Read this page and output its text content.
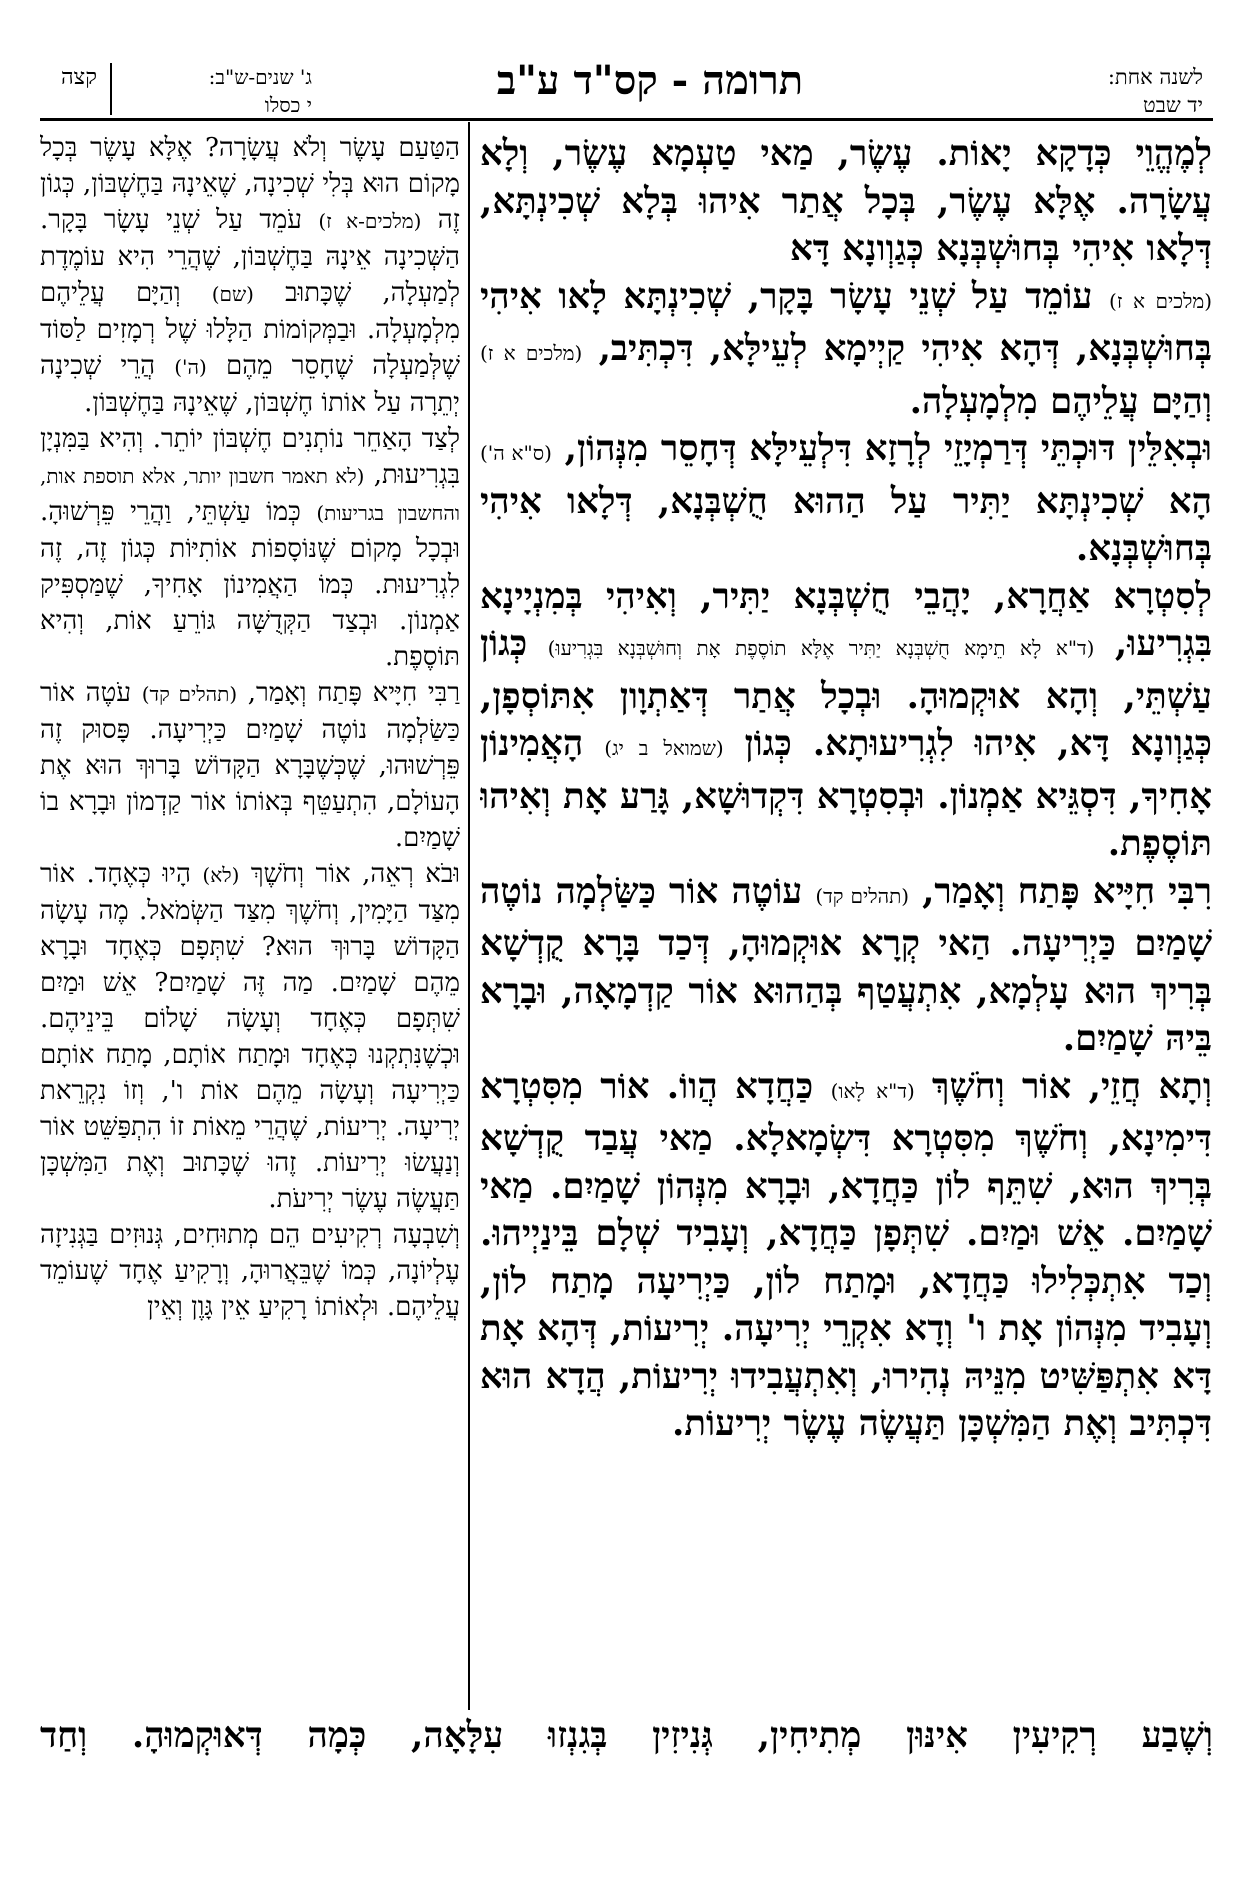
לשנה אחת:
יד שבט
תרומה - קס"ד ע"ב
ג' שנים-ש"ב:
י כסלו
קצה

לְמֶהֱוֵי כְּדָקָא יָאוֹת. עֶשֶׂר, מַאי טַעְמָא עֶשֶׂר, וְלָא עֲשָׂרָה. אֶלָּא עֶשֶׂר, בְּכָל אֲתַר אִיהוּ בְּלָא שְׁכִינְתָּא, דְּלָאו אִיהִי בְּחוּשְׁבְּנָא כְּגַוְונָא דָּא

(מלכים א ז) עוֹמֵד עַל שְׁנֵי עָשָׂר בָּקָר, שְׁכִינְתָּא לָאו אִיהִי בְּחוּשְׁבְּנָא, דְּהָא אִיהִי קַיְימָא לְעֵילָּא, דִּכְתִּיב, (מלכים א ז) וְהַיָּם עֲלֵיהֶם מִלְמָעְלָה.

וּבְאִלֵּין דּוּכְתֵּי דְּרַמְיָזֵי לְרָזָא דִּלְעֵילָּא דְּחָסֵר מִנְּהוֹן, (ס"א ה') הָא שְׁכִינְתָּא יַתִּיר עַל הַהוּא חֻשְׁבְּנָא, דְּלָאו אִיהִי בְּחוּשְׁבְּנָא.

לְסִטְרָא אַחֲרָא, יָהֲבֵי חֻשְׁבְּנָא יַתִּיר, וְאִיהִי בְּמִנְיָינָא בִּגְרִיעוּ, (ד"א לָא תֵימָא חֻשְׁבְּנָא יַתִּיר אֶלָּא תוֹסֶפֶת אָת וְחוּשְׁבְּנָא בִּגְרִיעוּ) כְּגוֹן עַשְׁתֵּי, וְהָא אוּקְמוּהָ. וּבְכָל אֲתַר דְּאַתְוָון אִתּוֹסְפָן, כְּגַוְונָא דָּא, אִיהוּ לִגְרִיעוּתָא. כְּגוֹן (שמואל ב יג) הָאֲמִינוֹן אָחִיךָ, דִּסְגֵּיא אַמְנוֹן. וּבְסִטְרָא דִּקְדוּשָׁא, גָּרַע אָת וְאִיהוּ תּוֹסֶפֶת.

רִבִּי חִיָּיא פָּתַח וְאָמַר, (תהלים קד) עוֹטֶה אוֹר כַּשַּׂלְמָה נוֹטֶה שָׁמַיִם כַּיְרִיעָה. הַאי קְרָא אוּקְמוּהָ, דְּכַד בָּרָא קֻדְשָׁא בְּרִיךְ הוּא עָלְמָא, אִתְעֲטַף בְּהַהוּא אוֹר קַדְמָאָה, וּבָרָא בֵּיהּ שָׁמַיִם.

וְתָא חֲזֵי, אוֹר וְחֹשֶׁךְ (ד"א לָאו) כַּחֲדָא הֲווֹ. אוֹר מִסִּטְרָא דִּימִינָא, וְחֹשֶׁךְ מִסִּטְרָא דִּשְׂמָאלָא. מַאי עֲבַד קֻדְשָׁא בְּרִיךְ הוּא, שִׁתֵּף לוֹן כַּחֲדָא, וּבָרָא מִנְּהוֹן שָׁמַיִם. מַאי שָׁמַיִם. אֵשׁ וּמַיִם. שִׁתְּפָן כַּחֲדָא, וְעָבִיד שְׁלָם בֵּינַיְיהוּ. וְכַד אִתְכְּלִילוּ כַּחֲדָא, וּמָתַח לוֹן, כַּיְרִיעָה מָתַח לוֹן, וְעָבִיד מִנְּהוֹן אָת ו' וְדָא אִקְרֵי יְרִיעָה. יְרִיעוֹת, דְּהָא אָת דָּא אִתְפַּשִּׁיט מִנֵּיהּ נְהִירוּ, וְאִתְעֲבִידוּ יְרִיעוֹת, הֲדָא הוּא דִּכְתִּיב וְאֶת הַמִּשְׁכָּן תַּעֲשֶׂה עֶשֶׂר יְרִיעוֹת.

הַטַּעַם עָשֶׂר וְלֹא עֲשָׂרָה? אֶלָּא עָשֶׂר בְּכָל מָקוֹם הוּא בְּלִי שְׁכִינָה, שֶׁאֵינָהּ בַּחֶשְׁבּוֹן, כְּגוֹן זֶה (מלכים-א ז) עֹמֵד עַל שְׁנֵי עָשָׂר בָּקָר. הַשְּׁכִינָה אֵינָהּ בַּחֶשְׁבּוֹן, שֶׁהֲרֵי הִיא עוֹמֶדֶת לְמַעְלָה, שֶׁכָּתוּב (שם) וְהַיָּם עֲלֵיהֶם מִלְמָעְלָה. וּבַמְּקוֹמוֹת הַלָּלוּ שֶׁל רְמָזִים לַסּוֹד שֶׁלְּמַעְלָה שֶׁחָסֵר מֵהֶם (ה') הֲרֵי שְׁכִינָה יְתֵרָה עַל אוֹתוֹ חֶשְׁבּוֹן, שֶׁאֵינָהּ בַּחֶשְׁבּוֹן.

לְצַד הָאַחֵר נוֹתְנִים חֶשְׁבּוֹן יוֹתֵר. וְהִיא בַּמִּנְיָן בִּגְרִיעוּת, (לא תאמר חשבון יותר, אלא תוספת אות, והחשבון בגריעות) כְּמוֹ עַשְׁתֵּי, וַהֲרֵי פֵּרְשׁוּהָ. וּבְכָל מָקוֹם שֶׁנּוֹסָפוֹת אוֹתִיּוֹת כְּגוֹן זֶה, זֶה לִגְרִיעוּת. כְּמוֹ הַאֲמִינוֹן אָחִיךָ, שֶׁמַּסְפִּיק אַמְנוֹן. וּבְצַד הַקְּדֻשָּׁה גּוֹרֵעַ אוֹת, וְהִיא תּוֹסֶפֶת.

רַבִּי חִיָּיא פָּתַח וְאָמַר, (תהלים קד) עֹטֶה אוֹר כַּשַּׂלְמָה נוֹטֶה שָׁמַיִם כַּיְרִיעָה. פָּסוּק זֶה פֵּרְשׁוּהוּ, שֶׁכְּשֶׁבָּרָא הַקָּדוֹשׁ בָּרוּךְ הוּא אֶת הָעוֹלָם, הִתְעַטֵּף בְּאוֹתוֹ אוֹר קַדְמוֹן וּבָרָא בוֹ שָׁמַיִם.

וּבֹא רְאֵה, אוֹר וְחֹשֶׁךְ (לא) הָיוּ כְּאֶחָד. אוֹר מִצַּד הַיָּמִין, וְחֹשֶׁךְ מִצַּד הַשְּׂמֹאל. מֶה עָשָׂה הַקָּדוֹשׁ בָּרוּךְ הוּא? שִׁתְּפָם כְּאֶחָד וּבָרָא מֵהֶם שָׁמַיִם. מַה זֶּה שָׁמַיִם? אֵשׁ וּמַיִם שִׁתְּפָם כְּאֶחָד וְעָשָׂה שָׁלוֹם בֵּינֵיהֶם. וּכְשֶׁנִּתְקְנוּ כְּאֶחָד וּמָתַח אוֹתָם, מָתַח אוֹתָם כַּיְרִיעָה וְעָשָׂה מֵהֶם אוֹת ו', וְזוֹ נִקְרֵאת יְרִיעָה. יְרִיעוֹת, שֶׁהֲרֵי מֵאוֹת זוֹ הִתְפַּשֵּׁט אוֹר וְנַעֲשׂוּ יְרִיעוֹת. זֶהוּ שֶׁכָּתוּב וְאֶת הַמִּשְׁכָּן תַּעֲשֶׂה עֶשֶׂר יְרִיעֹת.

וְשִׁבְעָה רְקִיעִים הֵם מְתוּחִים, גְּנוּזִים בַּגְּנִיזָה עֶלְיוֹנָה, כְּמוֹ שֶׁבֵּאֲרוּהָ, וְרָקִיעַ אֶחָד שֶׁעוֹמֵד עֲלֵיהֶם. וּלְאוֹתוֹ רָקִיעַ אֵין גָּוֶן וְאֵין

וְשֶׁבַע רְקִיעִין אִינּוּן מְתִיחִין, גְּנִיזִין בְּגִנְזוּ עִלָּאָה, כְּמָה דְּאוּקְמוּהָ. וְחַד
